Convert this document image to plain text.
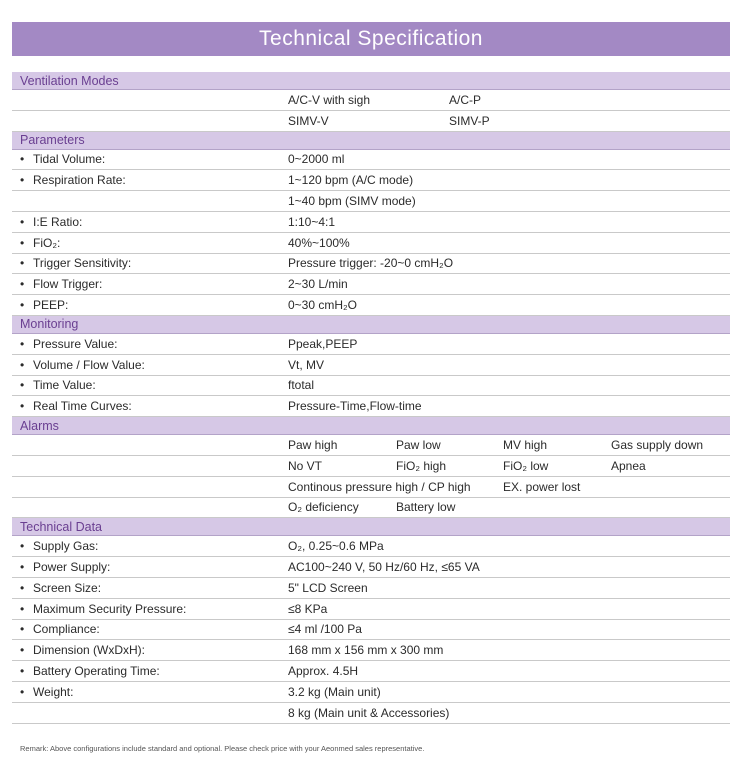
Technical Specification
Ventilation Modes
A/C-V with sigh	A/C-P
SIMV-V	SIMV-P
Parameters
• Tidal Volume:	0~2000 ml
• Respiration Rate:	1~120 bpm (A/C mode)
1~40 bpm (SIMV mode)
• I:E Ratio:	1:10~4:1
• FiO₂:	40%~100%
• Trigger Sensitivity:	Pressure trigger: -20~0 cmH₂O
• Flow Trigger:	2~30 L/min
• PEEP:	0~30 cmH₂O
Monitoring
• Pressure Value:	Ppeak,PEEP
• Volume / Flow Value:	Vt, MV
• Time Value:	ftotal
• Real Time Curves:	Pressure-Time,Flow-time
Alarms
Paw high	Paw low	MV high	Gas supply down
No VT	FiO₂ high	FiO₂ low	Apnea
Continous pressure high / CP high	EX. power lost
O₂ deficiency	Battery low
Technical Data
• Supply Gas:	O₂, 0.25~0.6 MPa
• Power Supply:	AC100~240 V, 50 Hz/60 Hz, ≤65 VA
• Screen Size:	5" LCD Screen
• Maximum Security Pressure:	≤8 KPa
• Compliance:	≤4 ml /100 Pa
• Dimension (WxDxH):	168 mm x 156 mm x 300 mm
• Battery Operating Time:	Approx. 4.5H
• Weight:	3.2 kg (Main unit)
8 kg (Main unit & Accessories)
Remark: Above configurations include standard and optional. Please check price with your Aeonmed sales representative.
